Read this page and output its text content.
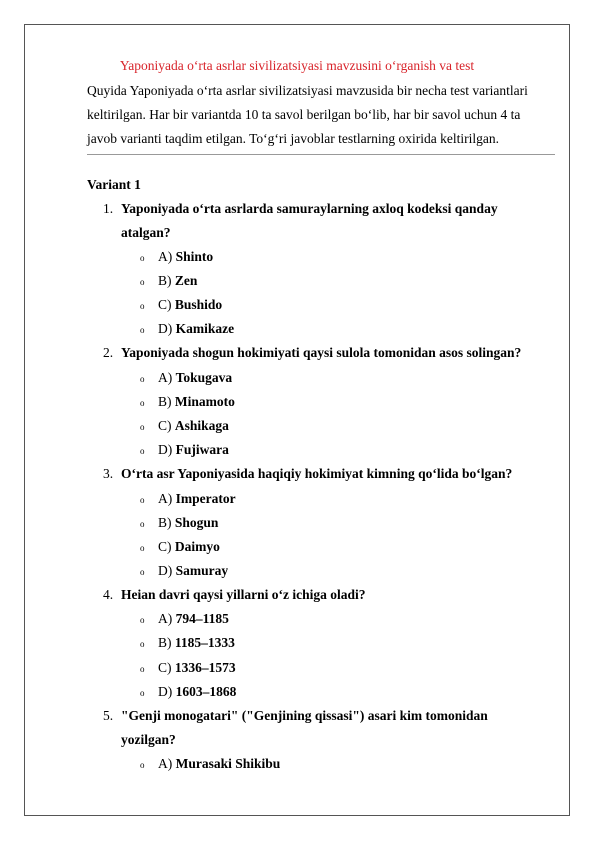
Yaponiyada o‘rta asrlar sivilizatsiyasi mavzusini o‘rganish va test
Quyida Yaponiyada o‘rta asrlar sivilizatsiyasi mavzusida bir necha test variantlari
keltirilgan. Har bir variantda 10 ta savol berilgan bo‘lib, har bir savol uchun 4 ta
javob varianti taqdim etilgan. To‘g‘ri javoblar testlarning oxirida keltirilgan.
Variant 1
1. Yaponiyada o‘rta asrlarda samuraylarning axloq kodeksi qanday
atalgan?
o A) Shinto
o B) Zen
o C) Bushido
o D) Kamikaze
2. Yaponiyada shogun hokimiyati qaysi sulola tomonidan asos solingan?
o A) Tokugava
o B) Minamoto
o C) Ashikaga
o D) Fujiwara
3. O‘rta asr Yaponiyasida haqiqiy hokimiyat kimning qo‘lida bo‘lgan?
o A) Imperator
o B) Shogun
o C) Daimyo
o D) Samuray
4. Heian davri qaysi yillarni o‘z ichiga oladi?
o A) 794–1185
o B) 1185–1333
o C) 1336–1573
o D) 1603–1868
5. "Genji monogatari" ("Genjining qissasi") asari kim tomonidan
yozilgan?
o A) Murasaki Shikibu
